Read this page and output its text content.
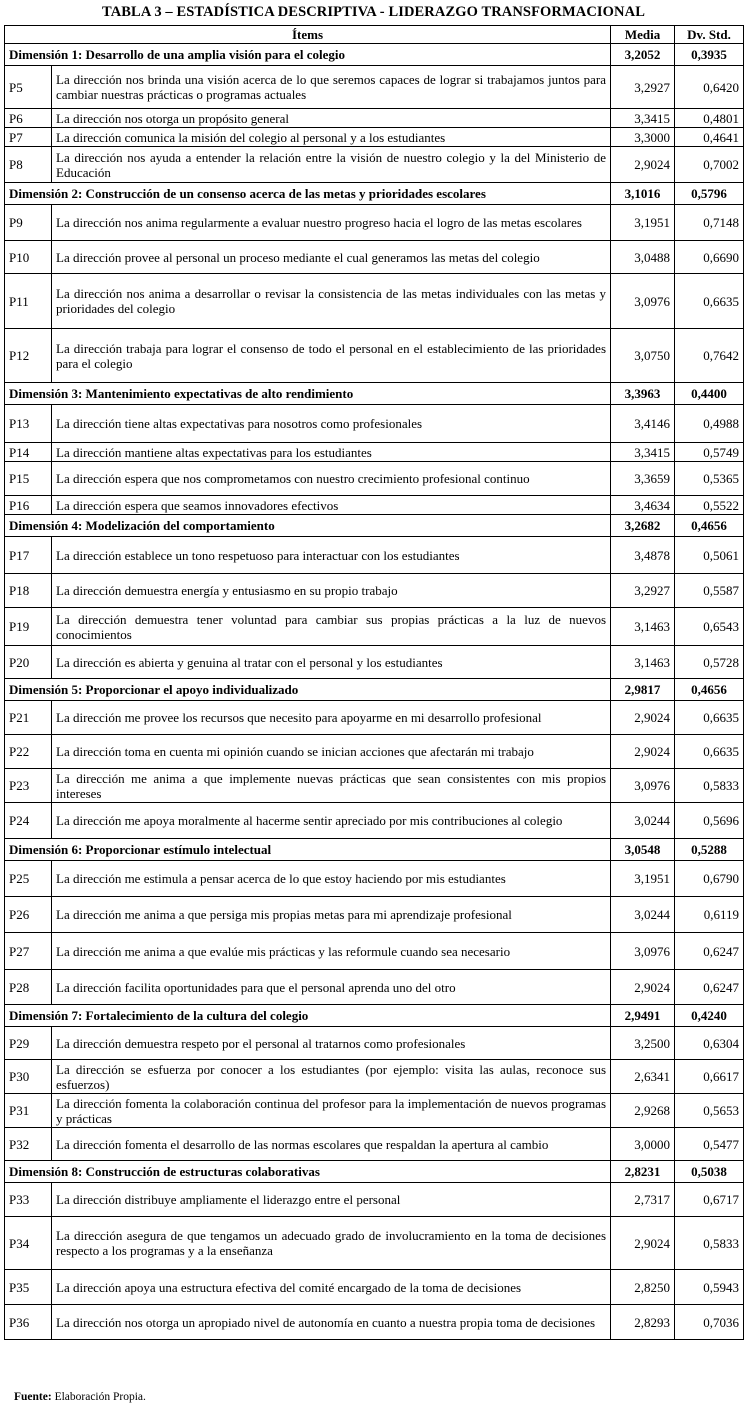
TABLA 3 – ESTADÍSTICA DESCRIPTIVA - LIDERAZGO TRANSFORMACIONAL
Ítems		Media	Dv. Std.
Dimensión 1: Desarrollo de una amplia visión para el colegio		3,2052	0,3935
P5	La dirección nos brinda una visión acerca de lo que seremos capaces de lograr si trabajamos juntos para cambiar nuestras prácticas o programas actuales	3,2927	0,6420
P6	La dirección nos otorga un propósito general	3,3415	0,4801
P7	La dirección comunica la misión del colegio al personal y a los estudiantes	3,3000	0,4641
P8	La dirección nos ayuda a entender la relación entre la visión de nuestro colegio y la del Ministerio de Educación	2,9024	0,7002
Dimensión 2: Construcción de un consenso acerca de las metas y prioridades escolares		3,1016	0,5796
P9	La dirección nos anima regularmente a evaluar nuestro progreso hacia el logro de las metas escolares	3,1951	0,7148
P10	La dirección provee al personal un proceso mediante el cual generamos las metas del colegio	3,0488	0,6690
P11	La dirección nos anima a desarrollar o revisar la consistencia de las metas individuales con las metas y prioridades del colegio	3,0976	0,6635
P12	La dirección trabaja para lograr el consenso de todo el personal en el establecimiento de las prioridades para el colegio	3,0750	0,7642
Dimensión 3: Mantenimiento expectativas de alto rendimiento		3,3963	0,4400
P13	La dirección tiene altas expectativas para nosotros como profesionales	3,4146	0,4988
P14	La dirección mantiene altas expectativas para los estudiantes	3,3415	0,5749
P15	La dirección espera que nos comprometamos con nuestro crecimiento profesional continuo	3,3659	0,5365
P16	La dirección espera que seamos innovadores efectivos	3,4634	0,5522
Dimensión 4: Modelización del comportamiento		3,2682	0,4656
P17	La dirección establece un tono respetuoso para interactuar con los estudiantes	3,4878	0,5061
P18	La dirección demuestra energía y entusiasmo en su propio trabajo	3,2927	0,5587
P19	La dirección demuestra tener voluntad para cambiar sus propias prácticas a la luz de nuevos conocimientos	3,1463	0,6543
P20	La dirección es abierta y genuina al tratar con el personal y los estudiantes	3,1463	0,5728
Dimensión 5: Proporcionar el apoyo individualizado		2,9817	0,4656
P21	La dirección me provee los recursos que necesito para apoyarme en mi desarrollo profesional	2,9024	0,6635
P22	La dirección toma en cuenta mi opinión cuando se inician acciones que afectarán mi trabajo	2,9024	0,6635
P23	La dirección me anima a que implemente nuevas prácticas que sean consistentes con mis propios intereses	3,0976	0,5833
P24	La dirección me apoya moralmente al hacerme sentir apreciado por mis contribuciones al colegio	3,0244	0,5696
Dimensión 6: Proporcionar estímulo intelectual		3,0548	0,5288
P25	La dirección me estimula a pensar acerca de lo que estoy haciendo por mis estudiantes	3,1951	0,6790
P26	La dirección me anima a que persiga mis propias metas para mi aprendizaje profesional	3,0244	0,6119
P27	La dirección me anima a que evalúe mis prácticas y las reformule cuando sea necesario	3,0976	0,6247
P28	La dirección facilita oportunidades para que el personal aprenda uno del otro	2,9024	0,6247
Dimensión 7: Fortalecimiento de la cultura del colegio		2,9491	0,4240
P29	La dirección demuestra respeto por el personal al tratarnos como profesionales	3,2500	0,6304
P30	La dirección se esfuerza por conocer a los estudiantes (por ejemplo: visita las aulas, reconoce sus esfuerzos)	2,6341	0,6617
P31	La dirección fomenta la colaboración continua del profesor para la implementación de nuevos programas y prácticas	2,9268	0,5653
P32	La dirección fomenta el desarrollo de las normas escolares que respaldan la apertura al cambio	3,0000	0,5477
Dimensión 8: Construcción de estructuras colaborativas		2,8231	0,5038
P33	La dirección distribuye ampliamente el liderazgo entre el personal	2,7317	0,6717
P34	La dirección asegura de que tengamos un adecuado grado de involucramiento en la toma de decisiones respecto a los programas y a la enseñanza	2,9024	0,5833
P35	La dirección apoya una estructura efectiva del comité encargado de la toma de decisiones	2,8250	0,5943
P36	La dirección nos otorga un apropiado nivel de autonomía en cuanto a nuestra propia toma de decisiones	2,8293	0,7036
Fuente: Elaboración Propia.
